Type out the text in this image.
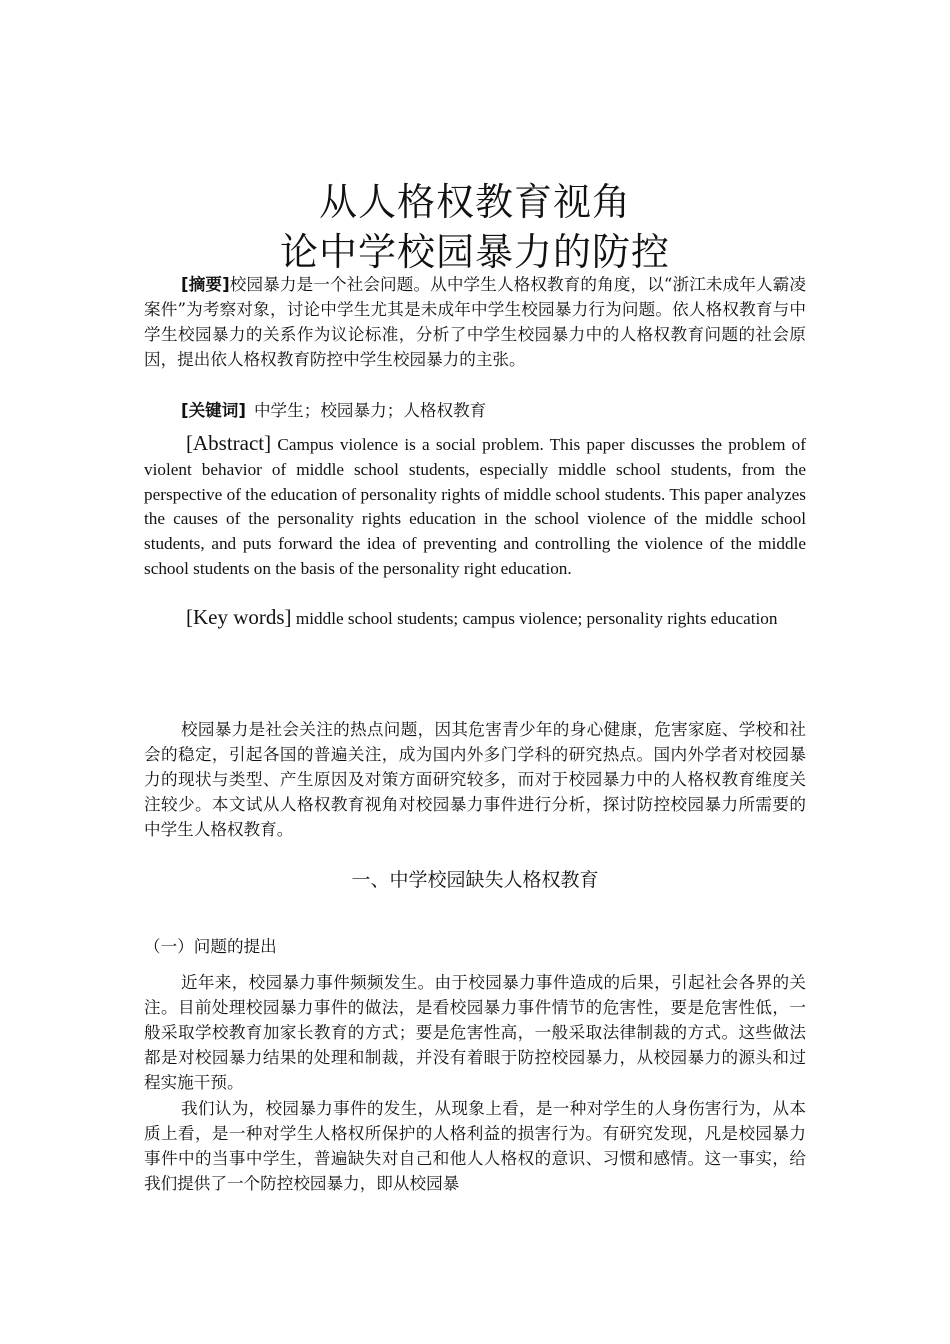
从人格权教育视角
论中学校园暴力的防控
[摘要]校园暴力是一个社会问题。从中学生人格权教育的角度，以“浙江未成年人霸凌案件”为考察对象，讨论中学生尤其是未成年中学生校园暴力行为问题。依人格权教育与中学生校园暴力的关系作为议论标准，分析了中学生校园暴力中的人格权教育问题的社会原因，提出依人格权教育防控中学生校园暴力的主张。
[关键词] 中学生；校园暴力；人格权教育
[Abstract] Campus violence is a social problem. This paper discusses the problem of violent behavior of middle school students, especially middle school students, from the perspective of the education of personality rights of middle school students. This paper analyzes the causes of the personality rights education in the school violence of the middle school students, and puts forward the idea of preventing and controlling the violence of the middle school students on the basis of the personality right education.
[Key words] middle school students; campus violence; personality rights education
校园暴力是社会关注的热点问题，因其危害青少年的身心健康，危害家庭、学校和社会的稳定，引起各国的普遍关注，成为国内外多门学科的研究热点。国内外学者对校园暴力的现状与类型、产生原因及对策方面研究较多，而对于校园暴力中的人格权教育维度关注较少。本文试从人格权教育视角对校园暴力事件进行分析，探讨防控校园暴力所需要的中学生人格权教育。
一、中学校园缺失人格权教育
（一）问题的提出
近年来，校园暴力事件频频发生。由于校园暴力事件造成的后果，引起社会各界的关注。目前处理校园暴力事件的做法，是看校园暴力事件情节的危害性，要是危害性低，一般采取学校教育加家长教育的方式；要是危害性高，一般采取法律制裁的方式。这些做法都是对校园暴力结果的处理和制裁，并没有着眼于防控校园暴力，从校园暴力的源头和过程实施干预。
我们认为，校园暴力事件的发生，从现象上看，是一种对学生的人身伤害行为，从本质上看，是一种对学生人格权所保护的人格利益的损害行为。有研究发现，凡是校园暴力事件中的当事中学生，普遍缺失对自己和他人人格权的意识、习惯和感情。这一事实，给我们提供了一个防控校园暴力，即从校园暴
